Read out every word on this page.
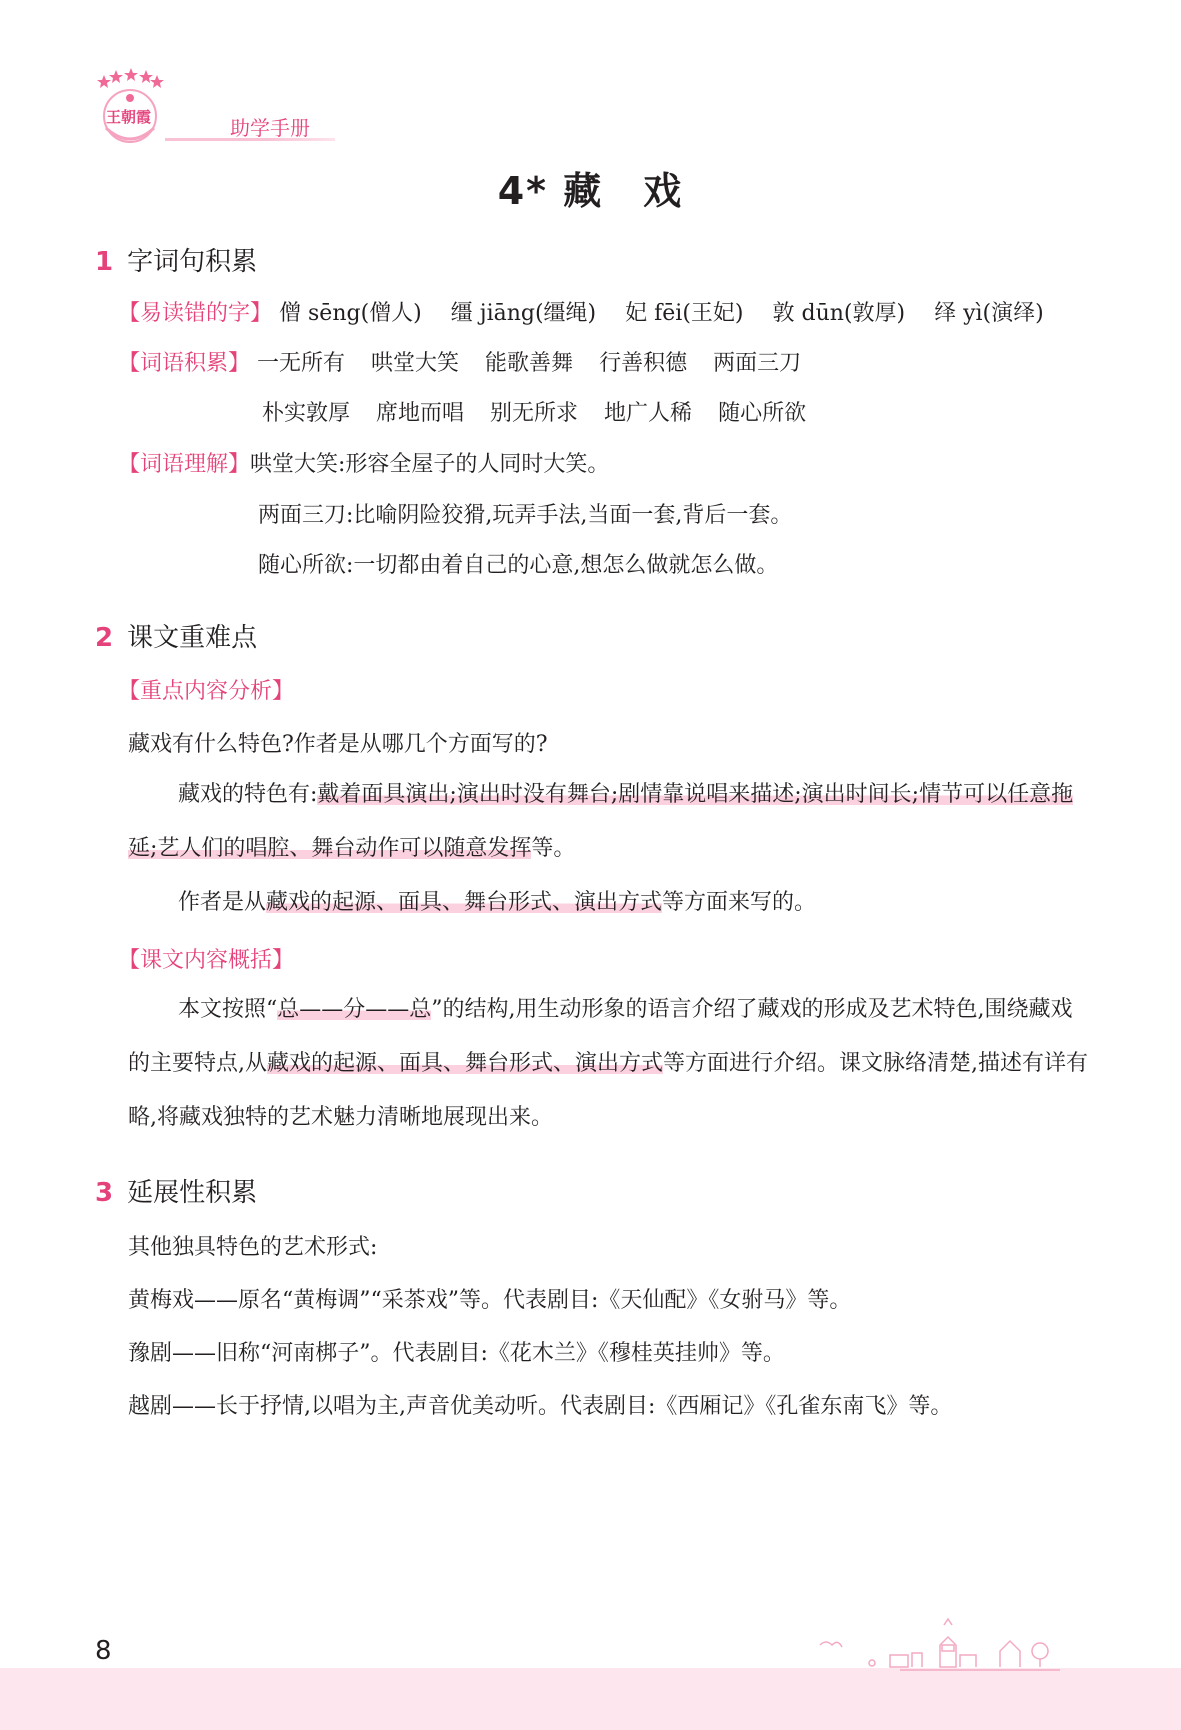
王朝霞	助学手册
4* 藏　戏
1 字词句积累
【易读错的字】 僧 sēng(僧人) 缰 jiāng(缰绳) 妃 fēi(王妃) 敦 dūn(敦厚) 绎 yì(演绎)
【词语积累】 一无所有 哄堂大笑 能歌善舞 行善积德 两面三刀
朴实敦厚 席地而唱 别无所求 地广人稀 随心所欲
【词语理解】哄堂大笑:形容全屋子的人同时大笑。
两面三刀:比喻阴险狡猾,玩弄手法,当面一套,背后一套。
随心所欲:一切都由着自己的心意,想怎么做就怎么做。
2 课文重难点
【重点内容分析】
藏戏有什么特色?作者是从哪几个方面写的?

藏戏的特色有:戴着面具演出;演出时没有舞台;剧情靠说唱来描述;演出时间长;情节可以任意拖延;艺人们的唱腔、舞台动作可以随意发挥等。

作者是从藏戏的起源、面具、舞台形式、演出方式等方面来写的。

【课文内容概括】

本文按照“总——分——总”的结构,用生动形象的语言介绍了藏戏的形成及艺术特色,围绕藏戏的主要特点,从藏戏的起源、面具、舞台形式、演出方式等方面进行介绍。课文脉络清楚,描述有详有略,将藏戏独特的艺术魅力清晰地展现出来。

3 延展性积累
其他独具特色的艺术形式:
黄梅戏——原名“黄梅调”“采茶戏”等。代表剧目:《天仙配》《女驸马》等。
豫剧——旧称“河南梆子”。代表剧目:《花木兰》《穆桂英挂帅》等。
越剧——长于抒情,以唱为主,声音优美动听。代表剧目:《西厢记》《孔雀东南飞》等。
8
